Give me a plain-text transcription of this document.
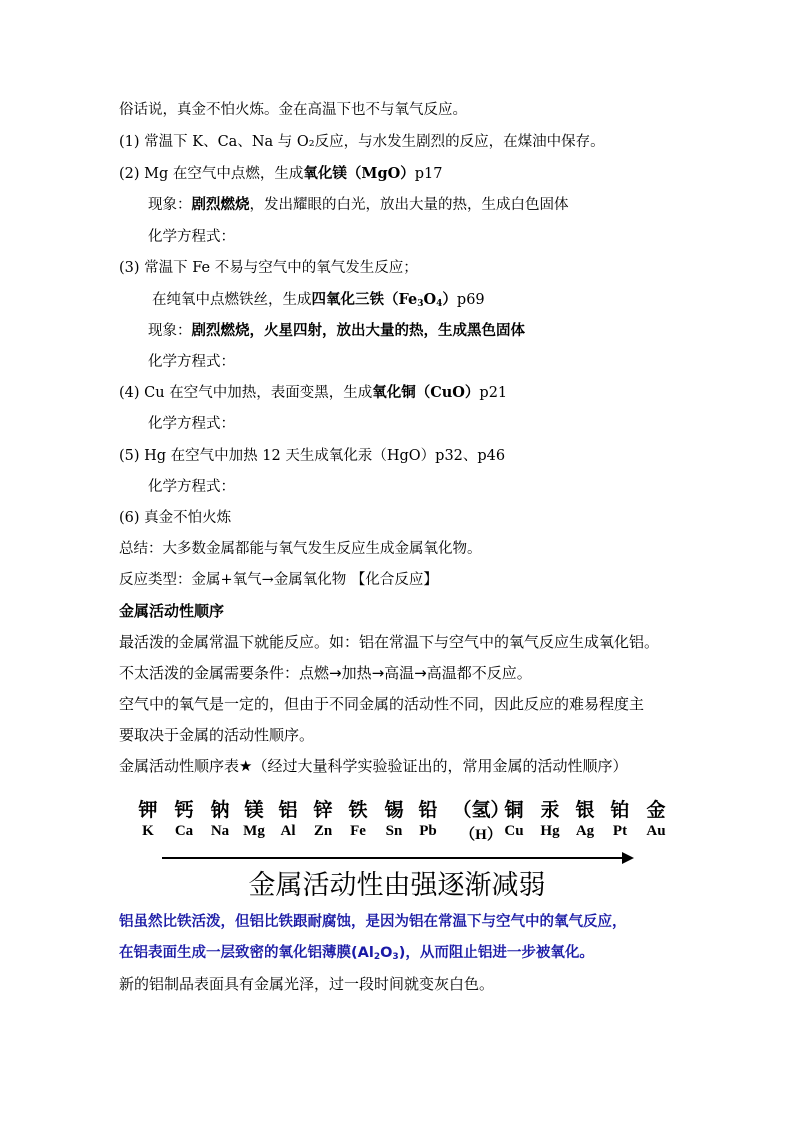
俗话说，真金不怕火炼。金在高温下也不与氧气反应。
(1) 常温下 K、Ca、Na 与 O₂反应，与水发生剧烈的反应，在煤油中保存。
(2) Mg 在空气中点燃，生成氧化镁（MgO）p17
现象：剧烈燃烧，发出耀眼的白光，放出大量的热，生成白色固体
化学方程式：
(3) 常温下 Fe 不易与空气中的氧气发生反应；
在纯氧中点燃铁丝，生成四氧化三铁$(Fe_3O_4)p69$
现象：剧烈燃烧，火星四射，放出大量的热，生成黑色固体
化学方程式：
(4) Cu 在空气中加热，表面变黑，生成氧化铜（CuO）p21
化学方程式：
(5) Hg 在空气中加热 12 天生成氧化汞（HgO）p32、p46
化学方程式：
(6) 真金不怕火炼
总结：大多数金属都能与氧气发生反应生成金属氧化物。
反应类型：金属+氧气→金属氧化物 【化合反应】
金属活动性顺序
最活泼的金属常温下就能反应。如：铝在常温下与空气中的氧气反应生成氧化铝。
不太活泼的金属需要条件：点燃→加热→高温→高温都不反应。
空气中的氧气是一定的，但由于不同金属的活动性不同，因此反应的难易程度主
要取决于金属的活动性顺序。
金属活动性顺序表★（经过大量科学实验验证出的，常用金属的活动性顺序）
钾
K
钙
Ca
钠
Na
镁
Mg
铝
Al
锌
Zn
铁
Fe
锡
Sn
铅
Pb
（氢）
（H）
铜
Cu
汞
Hg
银
Ag
铂
Pt
金
Au
金属活动性由强逐渐减弱
铝虽然比铁活泼，但铝比铁跟耐腐蚀，是因为铝在常温下与空气中的氧气反应，
在铝表面生成一层致密的氧化铝薄膜$(Al_2O_3)$，从而阻止铝进一步被氧化。
新的铝制品表面具有金属光泽，过一段时间就变灰白色。
